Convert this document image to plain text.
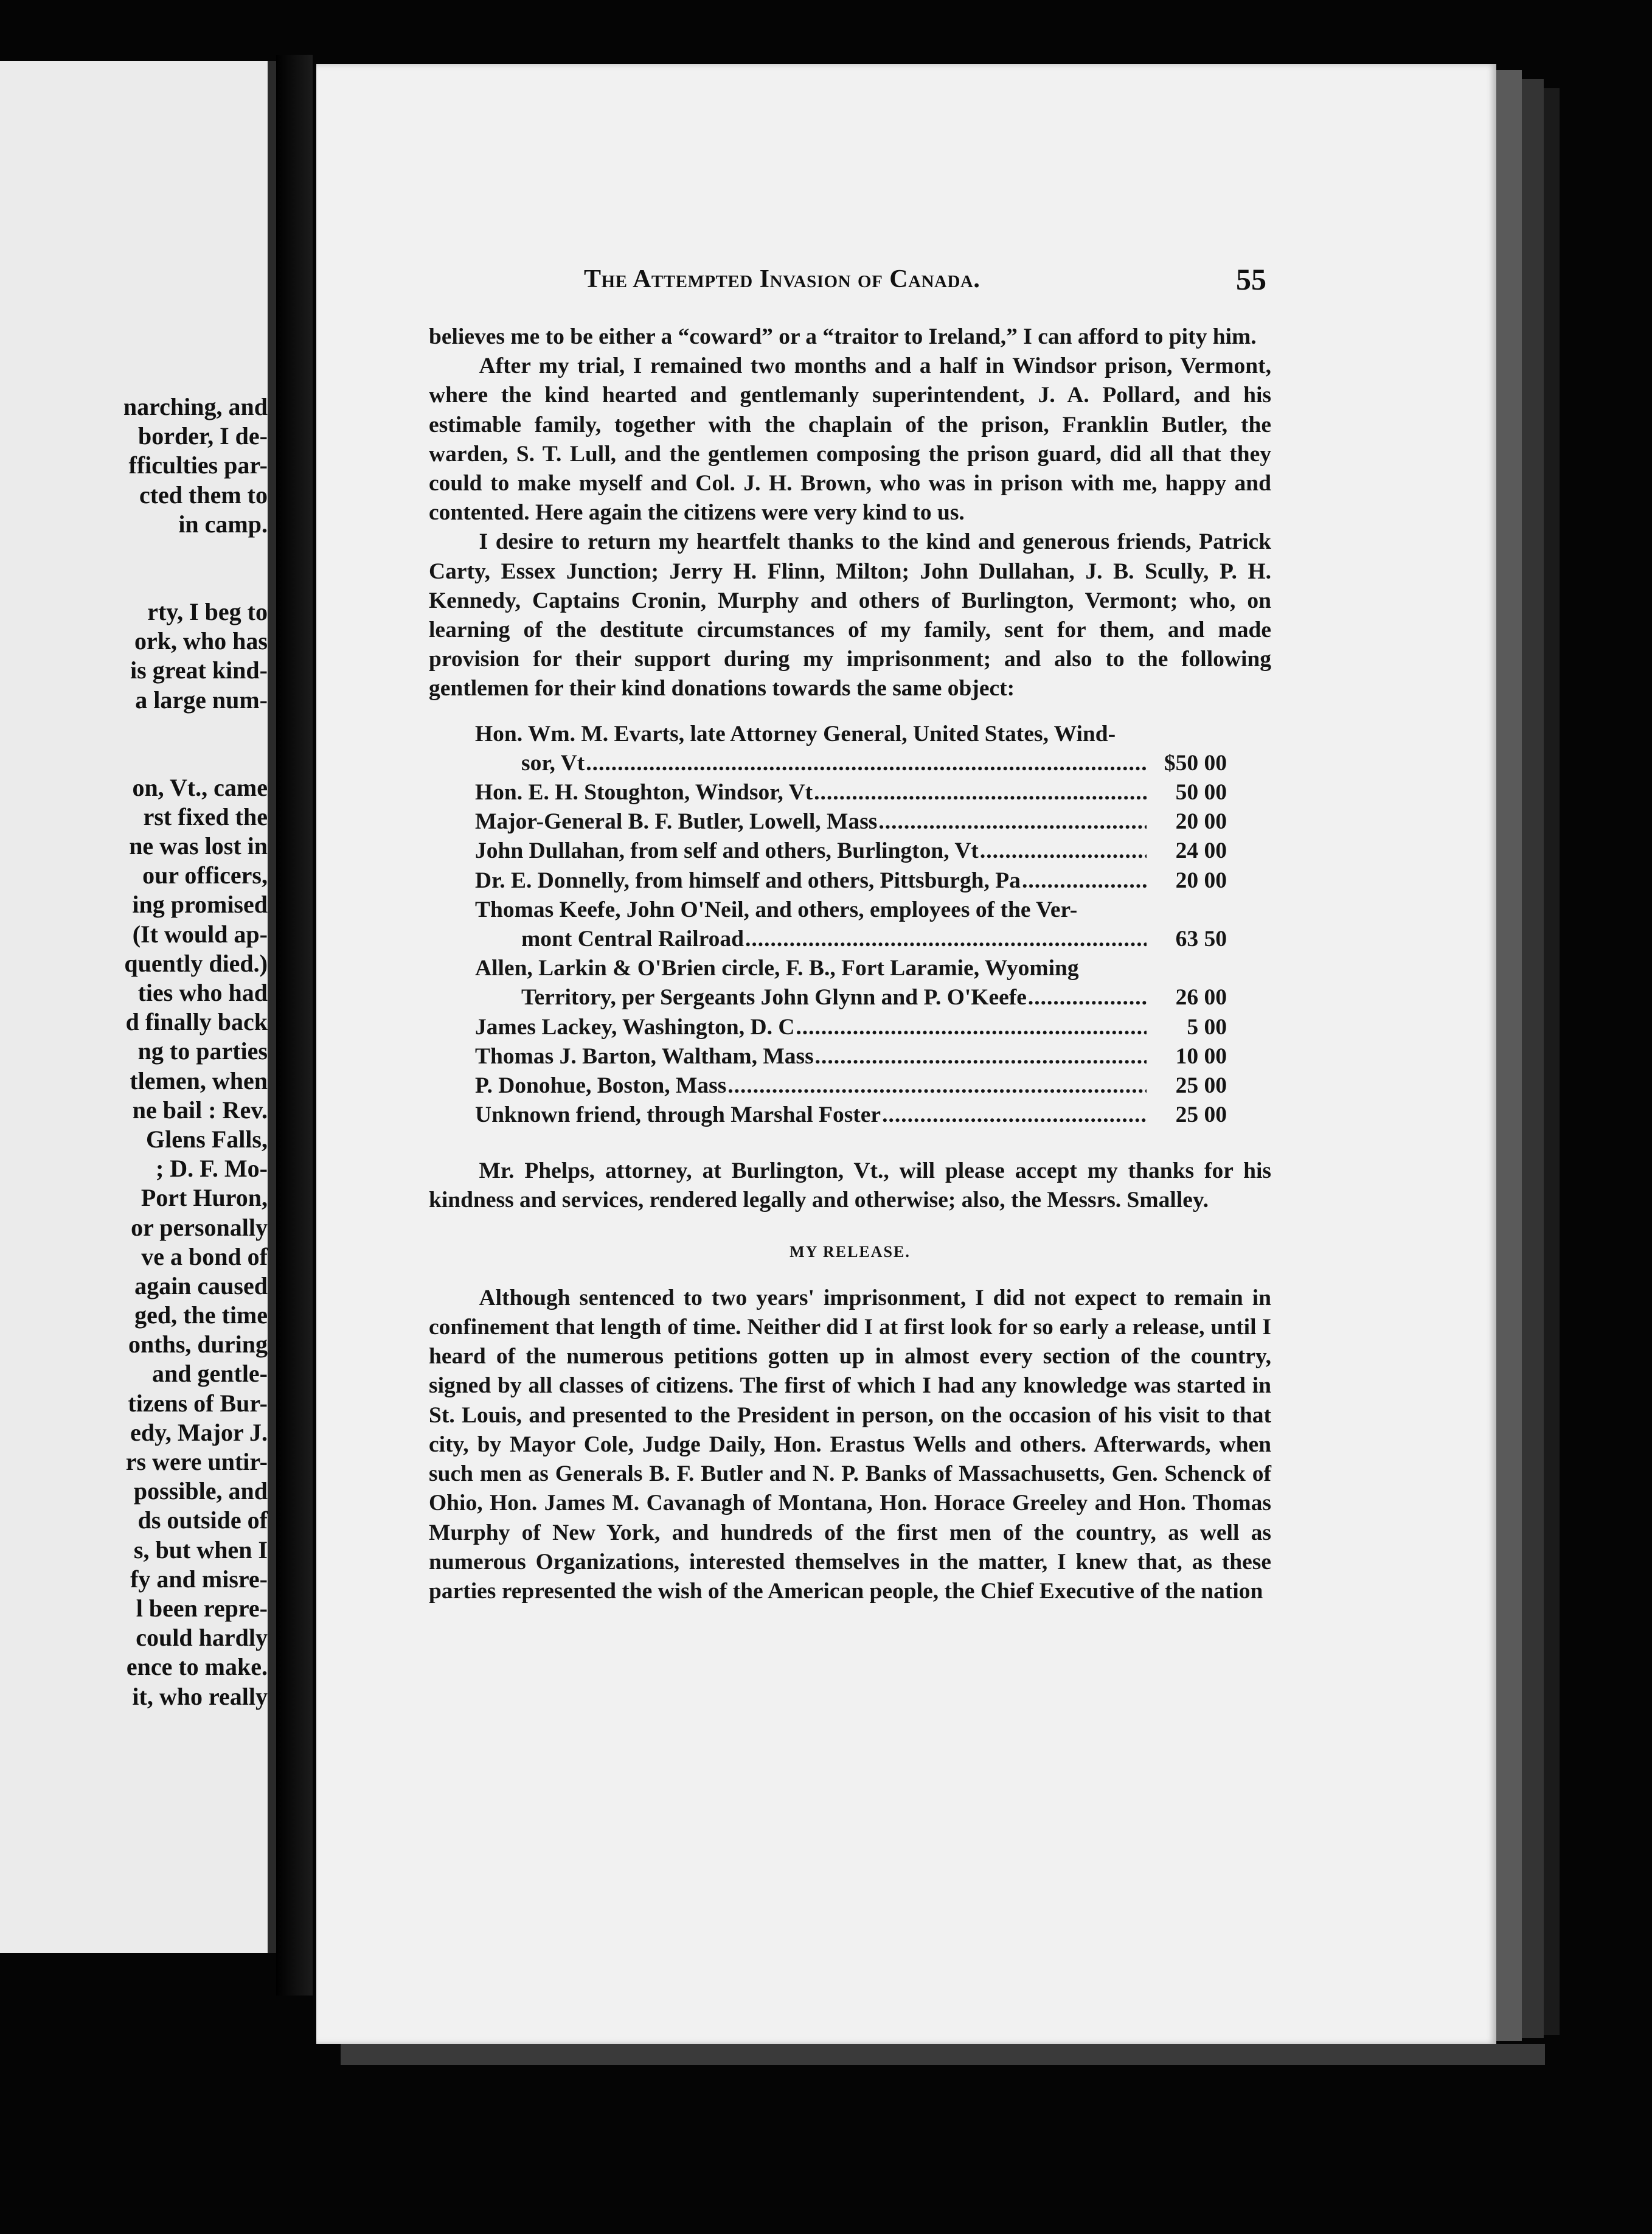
narching, and
border, I de-
fficulties par-
cted them to
in camp.
rty, I beg to
ork, who has
is great kind-
a large num-
on, Vt., came
rst fixed the
ne was lost in
our officers,
ing promised
(It would ap-
quently died.)
ties who had
d finally back
ng to parties
tlemen, when
ne bail : Rev.
Glens Falls,
; D. F. Mo-
Port Huron,
or personally
ve a bond of
again caused
ged, the time
onths, during
and gentle-
tizens of Bur-
edy, Major J.
rs were untir-
possible, and
ds outside of
s, but when I
fy and misre-
l been repre-
could hardly
ence to make.
it, who really
The Attempted Invasion of Canada.	55

believes me to be either a “coward” or a “traitor to Ireland,” I can afford to pity him.

After my trial, I remained two months and a half in Windsor prison, Vermont, where the kind hearted and gentlemanly superintendent, J. A. Pollard, and his estimable family, together with the chaplain of the prison, Franklin Butler, the warden, S. T. Lull, and the gentlemen composing the prison guard, did all that they could to make myself and Col. J. H. Brown, who was in prison with me, happy and contented. Here again the citizens were very kind to us.

I desire to return my heartfelt thanks to the kind and generous friends, Patrick Carty, Essex Junction; Jerry H. Flinn, Milton; John Dullahan, J. B. Scully, P. H. Kennedy, Captains Cronin, Murphy and others of Burlington, Vermont; who, on learning of the destitute circumstances of my family, sent for them, and made provision for their support during my imprisonment; and also to the following gentlemen for their kind donations towards the same object:

Hon. Wm. M. Evarts, late Attorney General, United States, Wind-
sor, Vt .....	$50 00
Hon. E. H. Stoughton, Windsor, Vt .....	50 00
Major-General B. F. Butler, Lowell, Mass .....	20 00
John Dullahan, from self and others, Burlington, Vt .....	24 00
Dr. E. Donnelly, from himself and others, Pittsburgh, Pa .....	20 00
Thomas Keefe, John O'Neil, and others, employees of the Ver-
mont Central Railroad .....	63 50
Allen, Larkin & O'Brien circle, F. B., Fort Laramie, Wyoming
Territory, per Sergeants John Glynn and P. O'Keefe .....	26 00
James Lackey, Washington, D. C .....	5 00
Thomas J. Barton, Waltham, Mass .....	10 00
P. Donohue, Boston, Mass .....	25 00
Unknown friend, through Marshal Foster .....	25 00

Mr. Phelps, attorney, at Burlington, Vt., will please accept my thanks for his kindness and services, rendered legally and otherwise; also, the Messrs. Smalley.

MY RELEASE.

Although sentenced to two years' imprisonment, I did not expect to remain in confinement that length of time. Neither did I at first look for so early a release, until I heard of the numerous petitions gotten up in almost every section of the country, signed by all classes of citizens. The first of which I had any knowledge was started in St. Louis, and presented to the President in person, on the occasion of his visit to that city, by Mayor Cole, Judge Daily, Hon. Erastus Wells and others. Afterwards, when such men as Generals B. F. Butler and N. P. Banks of Massachusetts, Gen. Schenck of Ohio, Hon. James M. Cavanagh of Montana, Hon. Horace Greeley and Hon. Thomas Murphy of New York, and hundreds of the first men of the country, as well as numerous Organizations, interested themselves in the matter, I knew that, as these parties represented the wish of the American people, the Chief Executive of the nation
